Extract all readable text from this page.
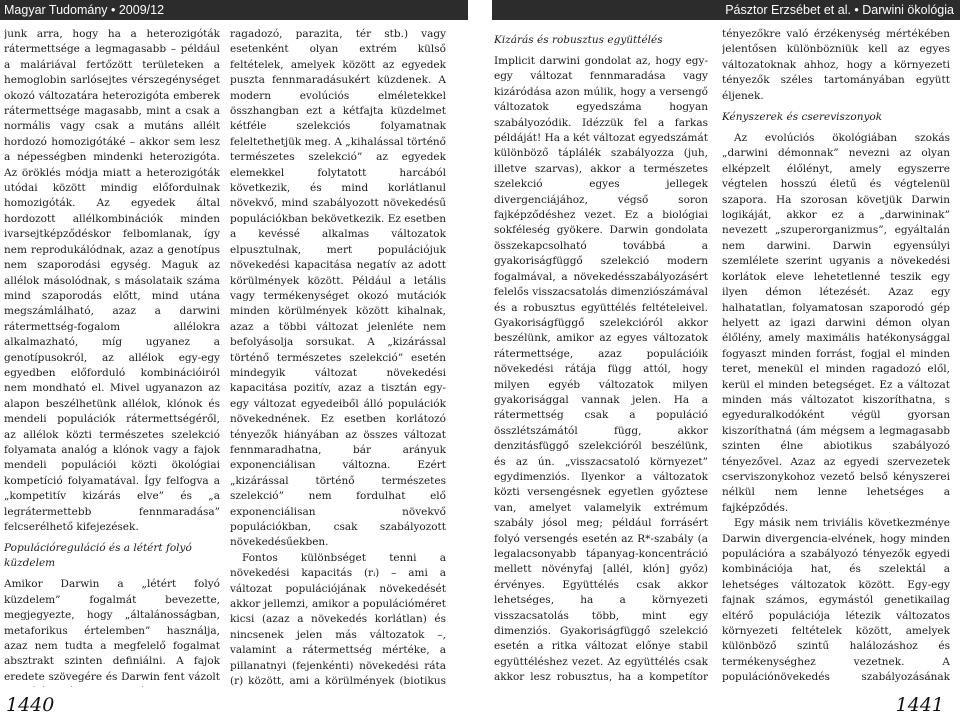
Magyar Tudomány • 2009/12	Pásztor Erzsébet et al. • Darwini ökológia

junk arra, hogy ha a heterozigóták rátermettsége a legmagasabb – például a maláriával fertőzött területeken a hemoglobin sarlósejtes vérszegénységet okozó változatára heterozigóta emberek rátermettsége magasabb, mint a csak a normális vagy csak a mutáns allélt hordozó homozigótáké – akkor sem lesz a népességben mindenki heterozigóta. Az öröklés módja miatt a heterozigóták utódai között mindig előfordulnak homozigóták. Az egyedek által hordozott allélkombinációk minden ivarsejtképződéskor felbomlanak, így nem reprodukálódnak, azaz a genotípus nem szaporodási egység. Maguk az allélok másolódnak, s másolataik száma mind szaporodás előtt, mind utána megszámlálható, azaz a darwini rátermettség-fogalom allélokra alkalmazható, míg ugyanez a genotípusokról, az allélok egy-egy egyedben előforduló kombinációiról nem mondható el. Mivel ugyanazon az alapon beszélhetünk allélok, klónok és mendeli populációk rátermettségéről, az allélok közti természetes szelekció folyamata analóg a klónok vagy a fajok mendeli populációi közti ökológiai kompetíció folyamatával. Így felfogva a „kompetitív kizárás elve” és „a legrátermettebb fennmaradása” felcserélhető kifejezések.

Populációreguláció és a létért folyó küzdelem

Amikor Darwin a „létért folyó küzdelem” fogalmát bevezette, megjegyezte, hogy „általánosságban, metaforikus értelemben” használja, azaz nem tudta a megfelelő fogalmat absztrakt szinten definiálni. A fajok eredete szövegére és Darwin fent vázolt

ragadozó, parazita, tér stb.) vagy esetenként olyan extrém külső feltételek, amelyek között az egyedek puszta fennmaradásukért küzdenek. A modern evolúciós elméletekkel összhangban ezt a kétfajta küzdelmet kétféle szelekciós folyamatnak feleltethetjük meg. A „kihalással történő természetes szelekció” az egyedek elemekkel folytatott harcából következik, és mind korlátlanul növekvő, mind szabályozott növekedésű populációkban bekövetkezik. Ez esetben a kevéssé alkalmas változatok elpusztulnak, mert populációjuk növekedési kapacitása negatív az adott körülmények között. Például a letális vagy termékenységet okozó mutációk minden körülmények között kihalnak, azaz a többi változat jelenléte nem befolyásolja sorsukat. A „kizárással történő természetes szelekció” esetén mindegyik változat növekedési kapacitása pozitív, azaz a tisztán egy-egy változat egyedeiből álló populációk növekednének. Ez esetben korlátozó tényezők hiányában az összes változat fennmaradhatna, bár arányuk exponenciálisan változna. Ezért „kizárással történő természetes szelekció” nem fordulhat elő exponenciálisan növekvő populációkban, csak szabályozott növekedésűekben.

Fontos különbséget tenni a növekedési kapacitás (rᵢ) – ami a változat populációjának növekedését akkor jellemzi, amikor a populációméret kicsi (azaz a növekedés korlátlan) és nincsenek jelen más változatok –, valamint a rátermettség mértéke, a pillanatnyi (fejenkénti) növekedési ráta (r) között, ami a körülmények (biotikus

Kizárás és robusztus együttélés

Implicit darwini gondolat az, hogy egy-egy változat fennmaradása vagy kizáródása azon múlik, hogy a versengő változatok egyedszáma hogyan szabályozódik. Idézzük fel a farkas példáját! Ha a két változat egyedszámát különböző táplálék szabályozza (juh, illetve szarvas), akkor a természetes szelekció egyes jellegek divergenciájához, végső soron fajképződéshez vezet. Ez a biológiai sokféleség gyökere. Darwin gondolata összekapcsolható továbbá a gyakoriságfüggő szelekció modern fogalmával, a növekedésszabályozásért felelős visszacsatolás dimenziószámával és a robusztus együttélés feltételeivel. Gyakoriságfüggő szelekcióról akkor beszélünk, amikor az egyes változatok rátermettsége, azaz populációik növekedési rátája függ attól, hogy milyen egyéb változatok milyen gyakorisággal vannak jelen. Ha a rátermettség csak a populáció összlétszámától függ, akkor denzitásfüggő szelekcióról beszélünk, és az ún. „visszacsatoló környezet” egydimenziós. Ilyenkor a változatok közti versengésnek egyetlen győztese van, amelyet valamelyik extrémum szabály jósol meg; például forrásért folyó versengés esetén az R*-szabály (a legalacsonyabb tápanyag-koncentráció mellett növényfaj [allél, klón] győz) érvényes. Együttélés csak akkor lehetséges, ha a környezeti visszacsatolás több, mint egy dimenziós. Gyakoriságfüggő szelekció esetén a ritka változat előnye stabil együttéléshez vezet. Az együttélés csak akkor lesz robusztus, ha a kompetítor

tényezőkre való érzékenység mértékében jelentősen különbözniük kell az egyes változatoknak ahhoz, hogy a környezeti tényezők széles tartományában együtt éljenek.

Kényszerek és csereviszonyok

Az evolúciós ökológiában szokás „darwini démonnak” nevezni az olyan elképzelt élőlényt, amely egyszerre végtelen hosszú életű és végtelenül szapora. Ha szorosan követjük Darwin logikáját, akkor ez a „darwininak” nevezett „szuperorganizmus”, egyáltalán nem darwini. Darwin egyensúlyi szemlélete szerint ugyanis a növekedési korlátok eleve lehetetlenné teszik egy ilyen démon létezését. Azaz egy halhatatlan, folyamatosan szaporodó gép helyett az igazi darwini démon olyan élőlény, amely maximális hatékonysággal fogyaszt minden forrást, fogjal el minden teret, menekül el minden ragadozó elől, kerül el minden betegséget. Ez a változat minden más változatot kiszoríthatna, s egyeduralkodóként végül gyorsan kiszoríthatná (ám mégsem a legmagasabb szinten élne abiotikus szabályozó tényezővel. Azaz az egyedi szervezetek cserviszonykohoz vezető belső kényszerei nélkül nem lenne lehetséges a fajképződés.

Egy másik nem triviális következménye Darwin divergencia-elvének, hogy minden populációra a szabályozó tényezők egyedi kombinációja hat, és szelektál a lehetséges változatok között. Egy-egy fajnak számos, egymástól genetikailag eltérő populációja létezik változatos környezeti feltételek között, amelyek különböző szintű halálozáshoz és termékenységhez vezetnek. A populációnövekedés szabályozásának

1440	1441
